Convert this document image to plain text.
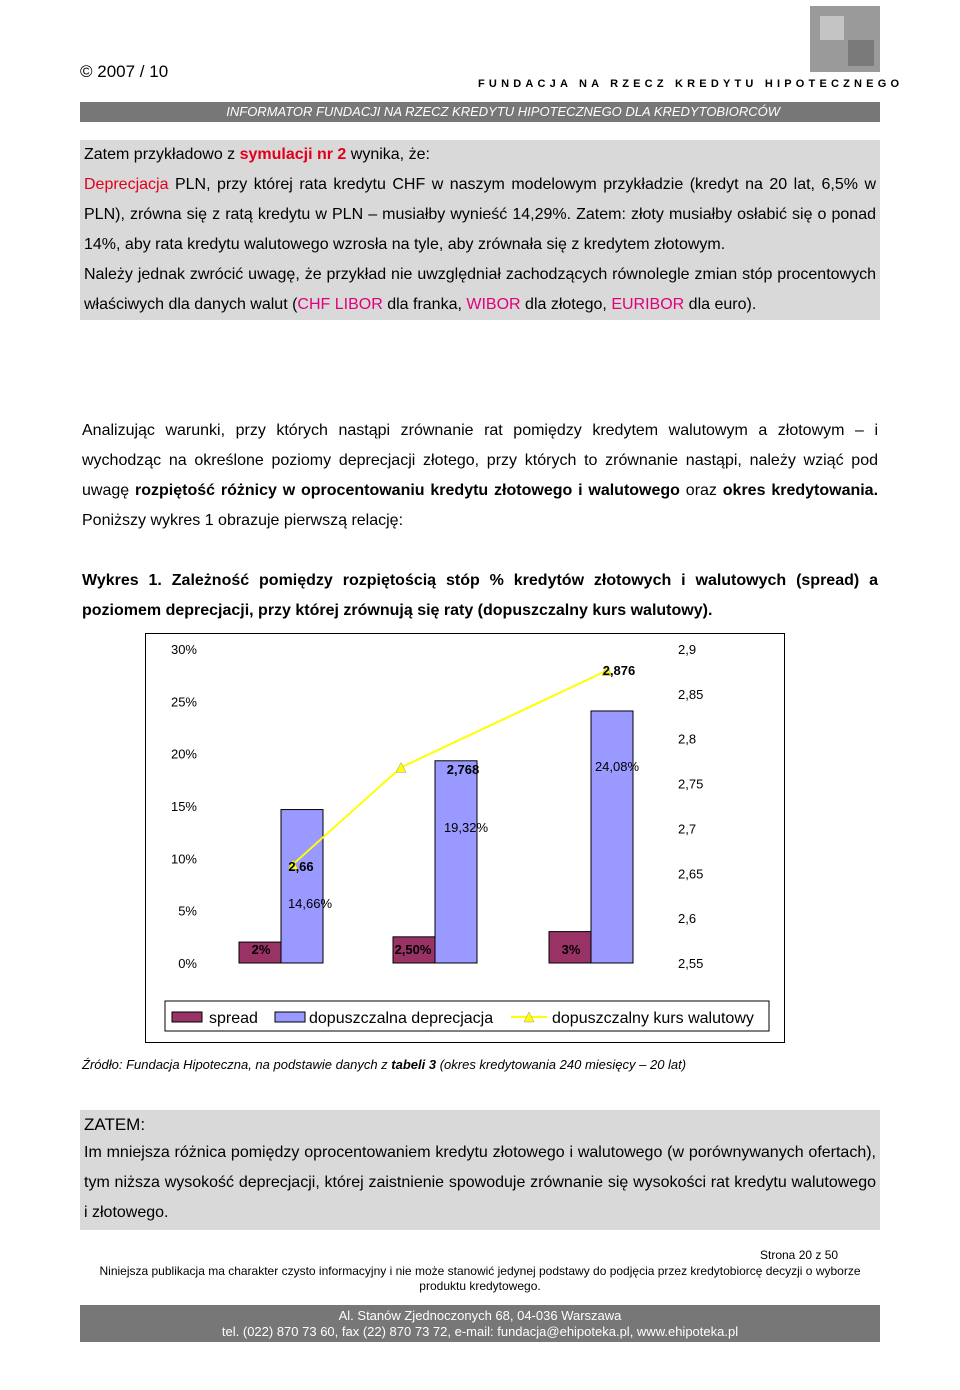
© 2007 / 10
FUNDACJA NA RZECZ KREDYTU HIPOTECZNEGO
INFORMATOR FUNDACJI NA RZECZ KREDYTU HIPOTECZNEGO DLA KREDYTOBIORCÓW
Zatem przykładowo z symulacji nr 2 wynika, że:
Deprecjacja PLN, przy której rata kredytu CHF w naszym modelowym przykładzie (kredyt na 20 lat, 6,5% w PLN), zrówna się z ratą kredytu w PLN – musiałby wynieść 14,29%. Zatem: złoty musiałby osłabić się o ponad 14%, aby rata kredytu walutowego wzrosła na tyle, aby zrównała się z kredytem złotowym.
Należy jednak zwrócić uwagę, że przykład nie uwzględniał zachodzących równolegle zmian stóp procentowych właściwych dla danych walut (CHF LIBOR dla franka, WIBOR dla złotego, EURIBOR dla euro).
Analizując warunki, przy których nastąpi zrównanie rat pomiędzy kredytem walutowym a złotowym – i wychodząc na określone poziomy deprecjacji złotego, przy których to zrównanie nastąpi, należy wziąć pod uwagę rozpiętość różnicy w oprocentowaniu kredytu złotowego i walutowego oraz okres kredytowania. Poniższy wykres 1 obrazuje pierwszą relację:
Wykres 1. Zależność pomiędzy rozpiętością stóp % kredytów złotowych i walutowych (spread) a poziomem deprecjacji, przy której zrównują się raty (dopuszczalny kurs walutowy).
0%
5%
10%
15%
20%
25%
30%
2,55
2,6
2,65
2,7
2,75
2,8
2,85
2,9
2%	2,50%	3%
14,66%
19,32%
24,08%
2,66
2,768
2,876
spread	dopuszczalna deprecjacja	dopuszczalny kurs walutowy
Źródło: Fundacja Hipoteczna, na podstawie danych z tabeli 3 (okres kredytowania 240 miesięcy – 20 lat)
ZATEM:
Im mniejsza różnica pomiędzy oprocentowaniem kredytu złotowego i walutowego (w porównywanych ofertach), tym niższa wysokość deprecjacji, której zaistnienie spowoduje zrównanie się wysokości rat kredytu walutowego i złotowego.
Strona 20 z 50
Niniejsza publikacja ma charakter czysto informacyjny i nie może stanowić jedynej podstawy do podjęcia przez kredytobiorcę decyzji o wyborze produktu kredytowego.
Al. Stanów Zjednoczonych 68, 04-036 Warszawa
tel. (022) 870 73 60, fax (22) 870 73 72, e-mail: fundacja@ehipoteka.pl, www.ehipoteka.pl
